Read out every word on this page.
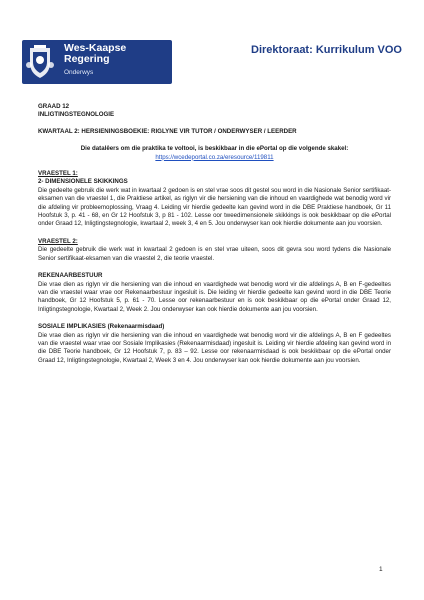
Wes-Kaapse
Regering
Onderwys
Direktoraat: Kurrikulum VOO
GRAAD 12
INLIGTINGSTEGNOLOGIE
KWARTAAL 2: HERSIENINGSBOEKIE: RIGLYNE VIR TUTOR / ONDERWYSER / LEERDER
Die datalêers om die praktika te voltooi, is beskikbaar in die ePortal op die volgende skakel:
https://wcedeportal.co.za/eresource/119811
VRAESTEL 1:
2- DIMENSIONELE SKIKKINGS

Die gedeelte gebruik die werk wat in kwartaal 2 gedoen is en stel vrae soos dit gestel sou word in die Nasionale Senior sertifikaat-eksamen van die vraestel 1, die Praktiese artikel, as riglyn vir die hersiening van die inhoud en vaardighede wat benodig word vir die afdeling vir probleemoplossing, Vraag 4. Leiding vir hierdie gedeelte kan gevind word in die DBE Praktiese handboek, Gr 11 Hoofstuk 3, p. 41 - 68, en Gr 12 Hoofstuk 3, p 81 - 102. Lesse oor tweedimensionele skikkings is ook beskikbaar op die ePortal onder Graad 12, Inligtingstegnologie, kwartaal 2, week 3, 4 en 5. Jou onderwyser kan ook hierdie dokumente aan jou voorsien.

VRAESTEL 2:

Die gedeelte gebruik die werk wat in kwartaal 2 gedoen is en stel vrae uiteen, soos dit gevra sou word tydens die Nasionale Senior sertifikaat-eksamen van die vraestel 2, die teorie vraestel.

REKENAARBESTUUR

Die vrae dien as riglyn vir die hersiening van die inhoud en vaardighede wat benodig word vir die afdelings A, B en F-gedeeltes van die vraestel waar vrae oor Rekenaarbestuur ingesluit is. Die leiding vir hierdie gedeelte kan gevind word in die DBE Teorie handboek, Gr 12 Hoofstuk 5, p. 61 - 70. Lesse oor rekenaarbestuur en is ook beskikbaar op die ePortal onder Graad 12, Inligtingstegnologie, Kwartaal 2, Week 2. Jou onderwyser kan ook hierdie dokumente aan jou voorsien.

SOSIALE IMPLIKASIES (Rekenaarmisdaad)

Die vrae dien as riglyn vir die hersiening van die inhoud en vaardighede wat benodig word vir die afdelings A, B en F gedeeltes van die vraestel waar vrae oor Sosiale Implikasies (Rekenaarmisdaad) ingesluit is. Leiding vir hierdie afdeling kan gevind word in die DBE Teorie handboek, Gr 12 Hoofstuk 7, p. 83 – 92. Lesse oor rekenaarmisdaad is ook beskikbaar op die ePortal onder Graad 12, Inligtingstegnologie, Kwartaal 2, Week 3 en 4. Jou onderwyser kan ook hierdie dokumente aan jou voorsien.

1
